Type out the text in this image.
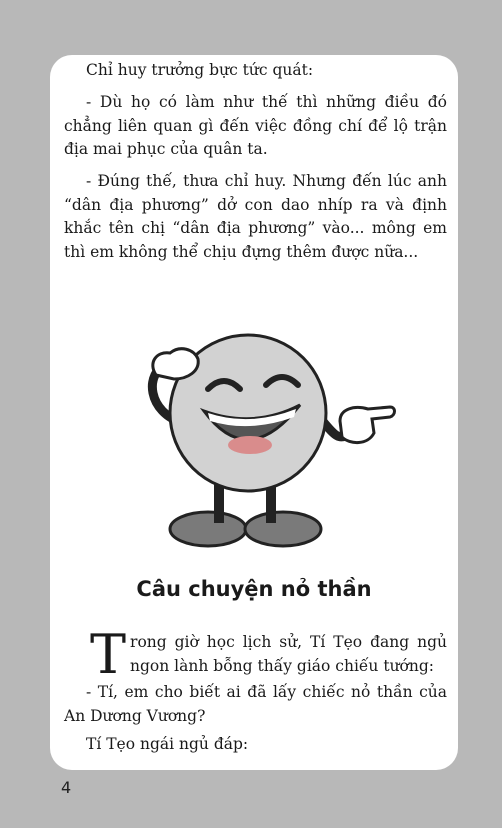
Chỉ huy trưởng bực tức quát:

- Dù họ có làm như thế thì những điều đó chẳng liên quan gì đến việc đồng chí để lộ trận địa mai phục của quân ta.

- Đúng thế, thưa chỉ huy. Nhưng đến lúc anh “dân địa phương” dở con dao nhíp ra và định khắc tên chị “dân địa phương” vào... mông em thì em không thể chịu đựng thêm được nữa...

Câu chuyện nỏ thần

Trong giờ học lịch sử, Tí Tẹo đang ngủ ngon lành bỗng thấy giáo chiếu tướng:

- Tí, em cho biết ai đã lấy chiếc nỏ thần của An Dương Vương?

Tí Tẹo ngái ngủ đáp:

4
